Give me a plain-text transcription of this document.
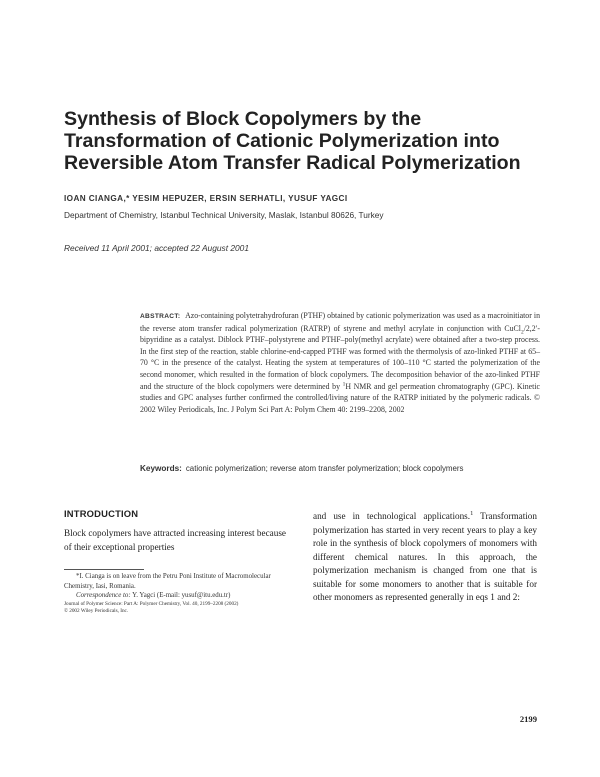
Synthesis of Block Copolymers by the Transformation of Cationic Polymerization into Reversible Atom Transfer Radical Polymerization
IOAN CIANGA,* YESIM HEPUZER, ERSIN SERHATLI, YUSUF YAGCI
Department of Chemistry, Istanbul Technical University, Maslak, Istanbul 80626, Turkey
Received 11 April 2001; accepted 22 August 2001
ABSTRACT: Azo-containing polytetrahydrofuran (PTHF) obtained by cationic polymerization was used as a macroinitiator in the reverse atom transfer radical polymerization (RATRP) of styrene and methyl acrylate in conjunction with CuCl$_2$/2,2′-bipyridine as a catalyst. Diblock PTHF–polystyrene and PTHF–poly(methyl acrylate) were obtained after a two-step process. In the first step of the reaction, stable chlorine-end-capped PTHF was formed with the thermolysis of azo-linked PTHF at 65–70 °C in the presence of the catalyst. Heating the system at temperatures of 100–110 °C started the polymerization of the second monomer, which resulted in the formation of block copolymers. The decomposition behavior of the azo-linked PTHF and the structure of the block copolymers were determined by $^1$H NMR and gel permeation chromatography (GPC). Kinetic studies and GPC analyses further confirmed the controlled/living nature of the RATRP initiated by the polymeric radicals. © 2002 Wiley Periodicals, Inc. J Polym Sci Part A: Polym Chem 40: 2199–2208, 2002
Keywords: cationic polymerization; reverse atom transfer polymerization; block copolymers
INTRODUCTION
Block copolymers have attracted increasing interest because of their exceptional properties

*I. Cianga is on leave from the Petru Poni Institute of Macromolecular Chemistry, Iasi, Romania.

Correspondence to: Y. Yagci (E-mail: yusuf@itu.edu.tr)

Journal of Polymer Science: Part A: Polymer Chemistry, Vol. 40, 2199–2208 (2002)
© 2002 Wiley Periodicals, Inc.
and use in technological applications.$^1$ Transformation polymerization has started in very recent years to play a key role in the synthesis of block copolymers of monomers with different chemical natures. In this approach, the polymerization mechanism is changed from one that is suitable for some monomers to another that is suitable for other monomers as represented generally in eqs 1 and 2:
2199
